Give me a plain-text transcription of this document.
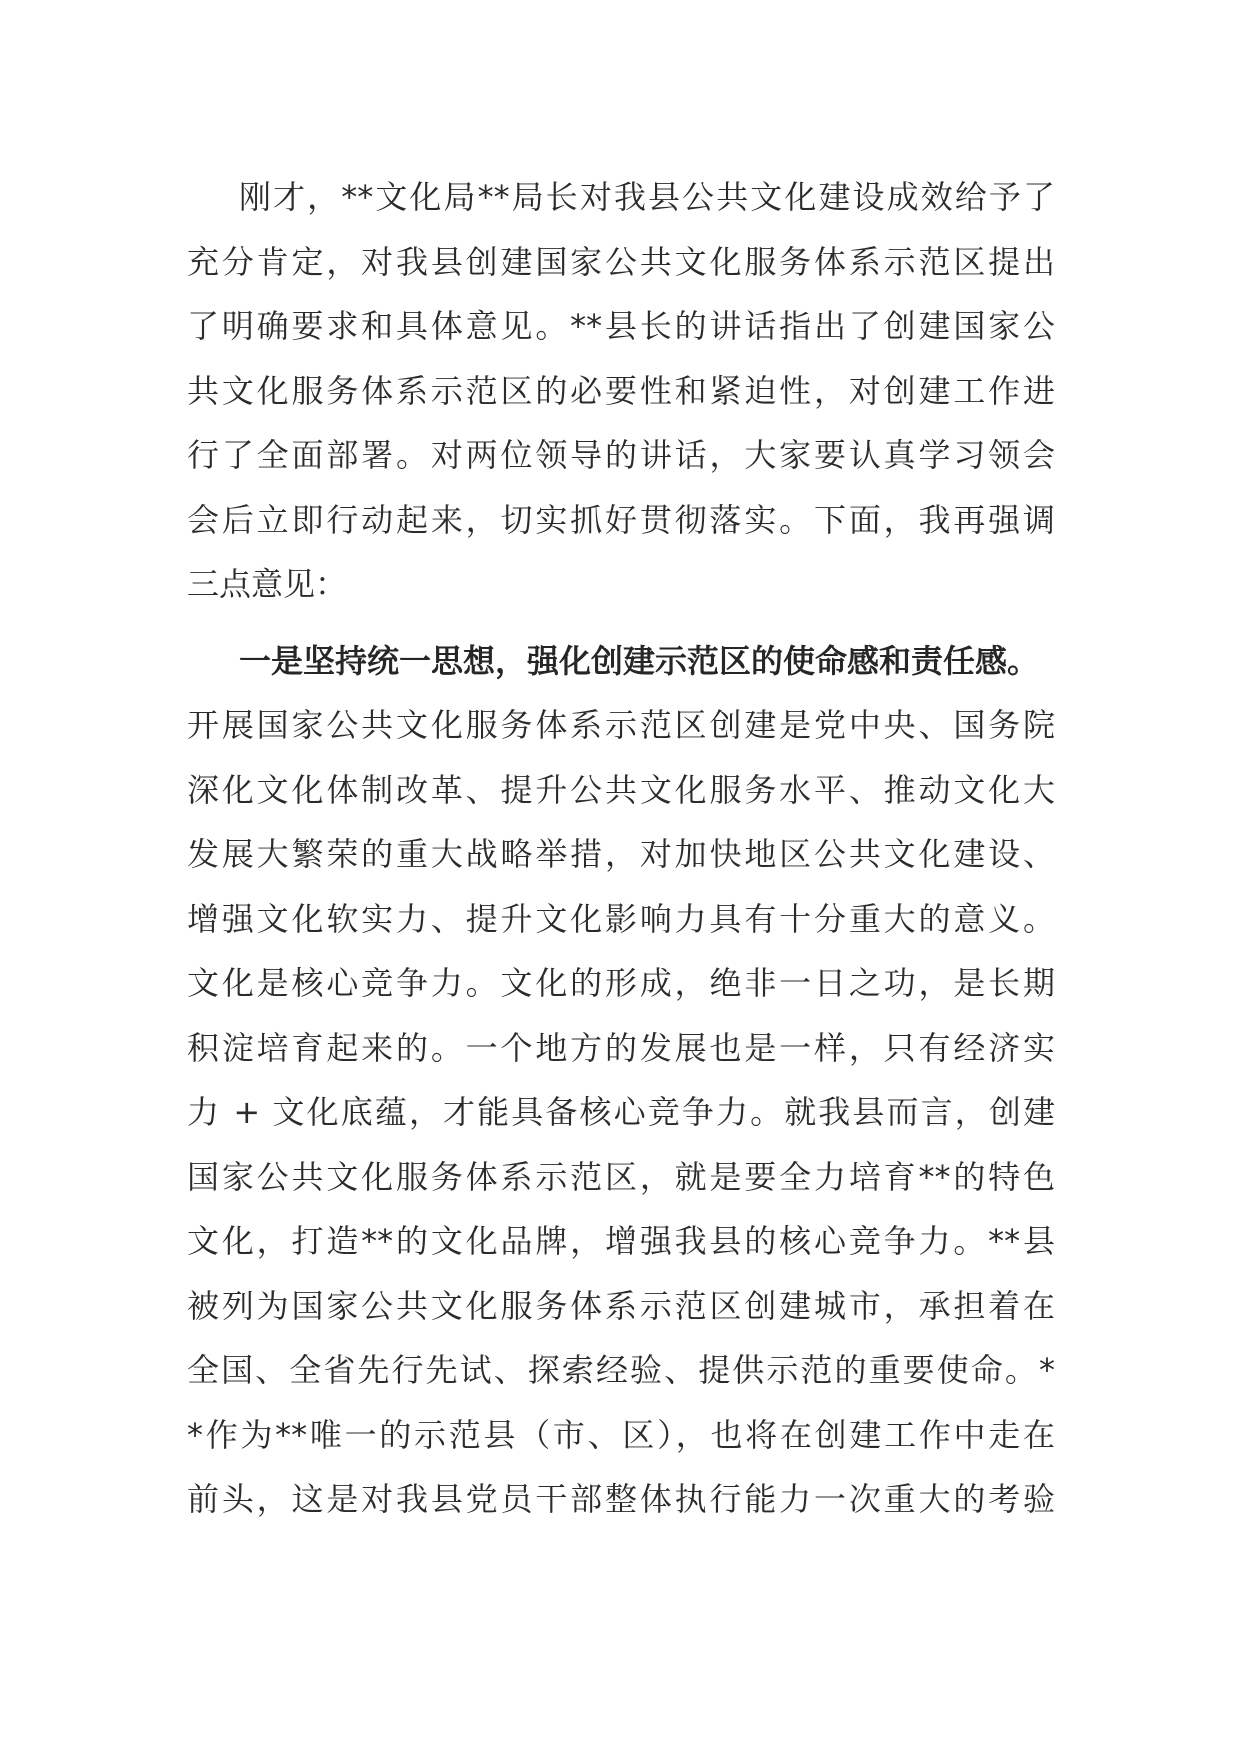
刚才，**文化局**局长对我县公共文化建设成效给予了
充分肯定，对我县创建国家公共文化服务体系示范区提出
了明确要求和具体意见。**县长的讲话指出了创建国家公
共文化服务体系示范区的必要性和紧迫性，对创建工作进
行了全面部署。对两位领导的讲话，大家要认真学习领会
会后立即行动起来，切实抓好贯彻落实。下面，我再强调
三点意见：
一是坚持统一思想，强化创建示范区的使命感和责任感。
开展国家公共文化服务体系示范区创建是党中央、国务院
深化文化体制改革、提升公共文化服务水平、推动文化大
发展大繁荣的重大战略举措，对加快地区公共文化建设、
增强文化软实力、提升文化影响力具有十分重大的意义。
文化是核心竞争力。文化的形成，绝非一日之功，是长期
积淀培育起来的。一个地方的发展也是一样，只有经济实
力 + 文化底蕴，才能具备核心竞争力。就我县而言，创建
国家公共文化服务体系示范区，就是要全力培育**的特色
文化，打造**的文化品牌，增强我县的核心竞争力。**县
被列为国家公共文化服务体系示范区创建城市，承担着在
全国、全省先行先试、探索经验、提供示范的重要使命。*
*作为**唯一的示范县（市、区），也将在创建工作中走在
前头，这是对我县党员干部整体执行能力一次重大的考验
